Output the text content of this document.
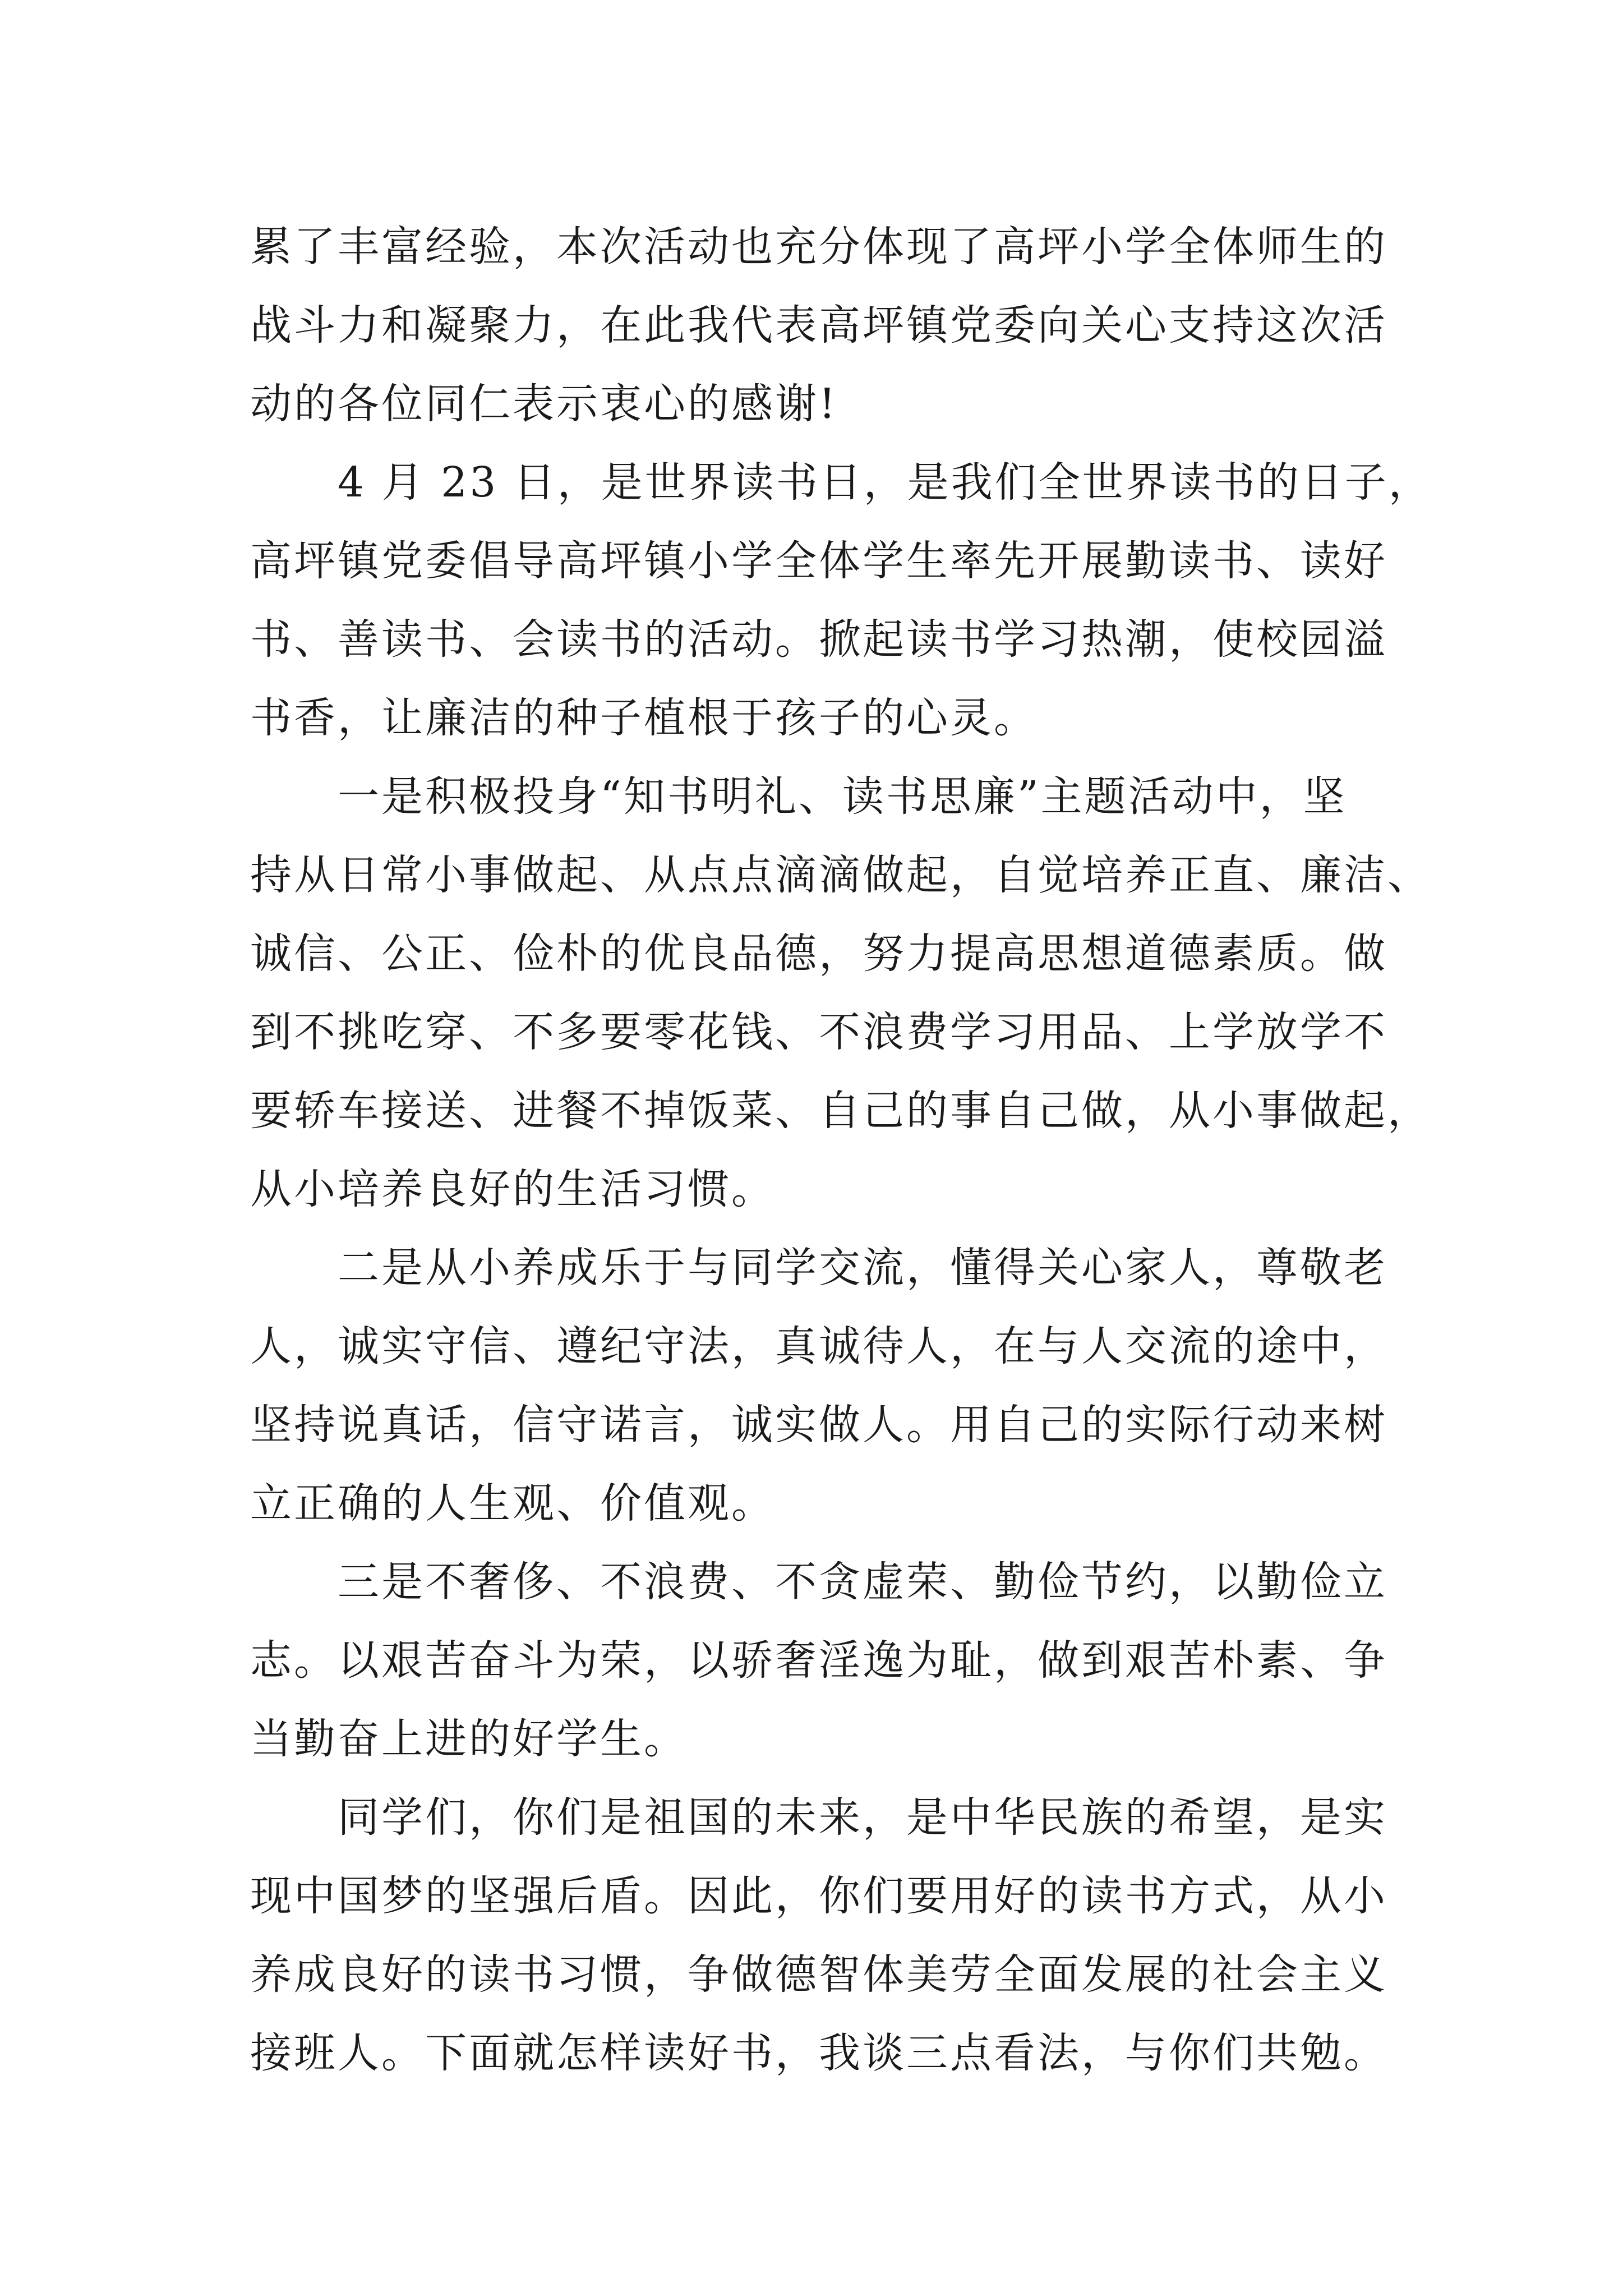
累了丰富经验，本次活动也充分体现了高坪小学全体师生的
战斗力和凝聚力，在此我代表高坪镇党委向关心支持这次活
动的各位同仁表示衷心的感谢!

4 月 23 日，是世界读书日，是我们全世界读书的日子，
高坪镇党委倡导高坪镇小学全体学生率先开展勤读书、读好
书、善读书、会读书的活动。掀起读书学习热潮，使校园溢
书香，让廉洁的种子植根于孩子的心灵。

一是积极投身“知书明礼、读书思廉”主题活动中，坚
持从日常小事做起、从点点滴滴做起，自觉培养正直、廉洁、
诚信、公正、俭朴的优良品德，努力提高思想道德素质。做
到不挑吃穿、不多要零花钱、不浪费学习用品、上学放学不
要轿车接送、进餐不掉饭菜、自己的事自己做，从小事做起，
从小培养良好的生活习惯。

二是从小养成乐于与同学交流，懂得关心家人，尊敬老
人，诚实守信、遵纪守法，真诚待人，在与人交流的途中，
坚持说真话，信守诺言，诚实做人。用自己的实际行动来树
立正确的人生观、价值观。

三是不奢侈、不浪费、不贪虚荣、勤俭节约，以勤俭立
志。以艰苦奋斗为荣，以骄奢淫逸为耻，做到艰苦朴素、争
当勤奋上进的好学生。

同学们，你们是祖国的未来，是中华民族的希望，是实
现中国梦的坚强后盾。因此，你们要用好的读书方式，从小
养成良好的读书习惯，争做德智体美劳全面发展的社会主义
接班人。下面就怎样读好书，我谈三点看法，与你们共勉。
